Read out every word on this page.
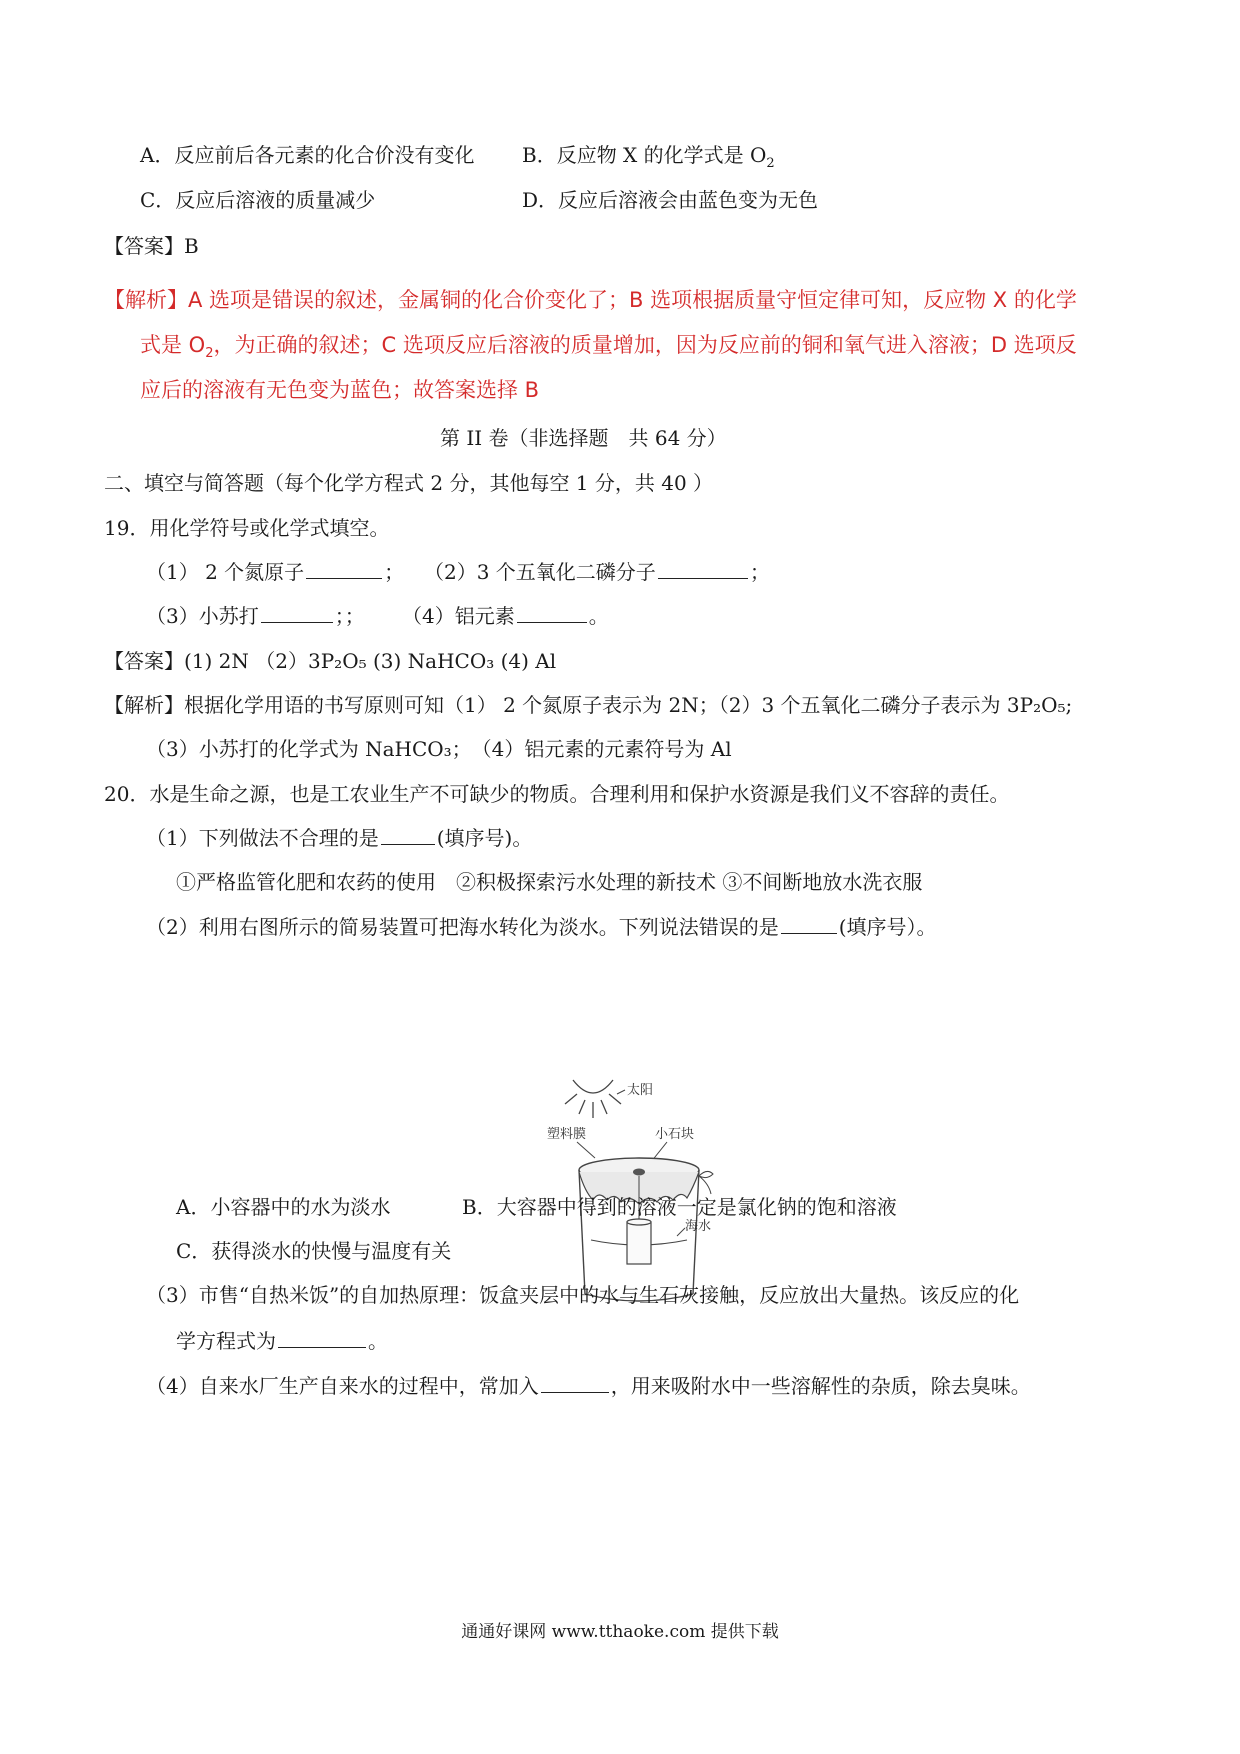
A．反应前后各元素的化合价没有变化 B．反应物 X 的化学式是 $O_2$
C．反应后溶液的质量减少	D．反应后溶液会由蓝色变为无色
【答案】B
【解析】A 选项是错误的叙述，金属铜的化合价变化了；B 选项根据质量守恒定律可知，反应物 X 的化学
式是 $O_2$，为正确的叙述；C 选项反应后溶液的质量增加，因为反应前的铜和氧气进入溶液；D 选项反
应后的溶液有无色变为蓝色；故答案选择 B
第 II 卷（非选择题　共 64 分）
二、填空与简答题（每个化学方程式 2 分，其他每空 1 分，共 40 ）
19．用化学符号或化学式填空。
（1） 2 个氮原子	； （2）3 个五氧化二磷分子	；
（3）小苏打	；； （4）铝元素	。
【答案】(1) 2N （2）3P₂O₅ (3) NaHCO₃ (4) Al
【解析】根据化学用语的书写原则可知（1） 2 个氮原子表示为 2N；（2）3 个五氧化二磷分子表示为 3P₂O₅;
（3）小苏打的化学式为 NaHCO₃；　（4）铝元素的元素符号为 Al
20．水是生命之源，也是工农业生产不可缺少的物质。合理利用和保护水资源是我们义不容辞的责任。
（1）下列做法不合理的是	(填序号)。
①严格监管化肥和农药的使用　②积极探索污水处理的新技术 ③不间断地放水洗衣服
（2）利用右图所示的简易装置可把海水转化为淡水。下列说法错误的是	(填序号）。
太阳
塑料膜	小石块
海水
A．小容器中的水为淡水	B．大容器中得到的溶液一定是氯化钠的饱和溶液
C．获得淡水的快慢与温度有关
（3）市售“自热米饭”的自加热原理：饭盒夹层中的水与生石灰接触，反应放出大量热。该反应的化
学方程式为	。
（4）自来水厂生产自来水的过程中，常加入	，用来吸附水中一些溶解性的杂质，除去臭味。
通通好课网 www.tthaoke.com 提供下载
